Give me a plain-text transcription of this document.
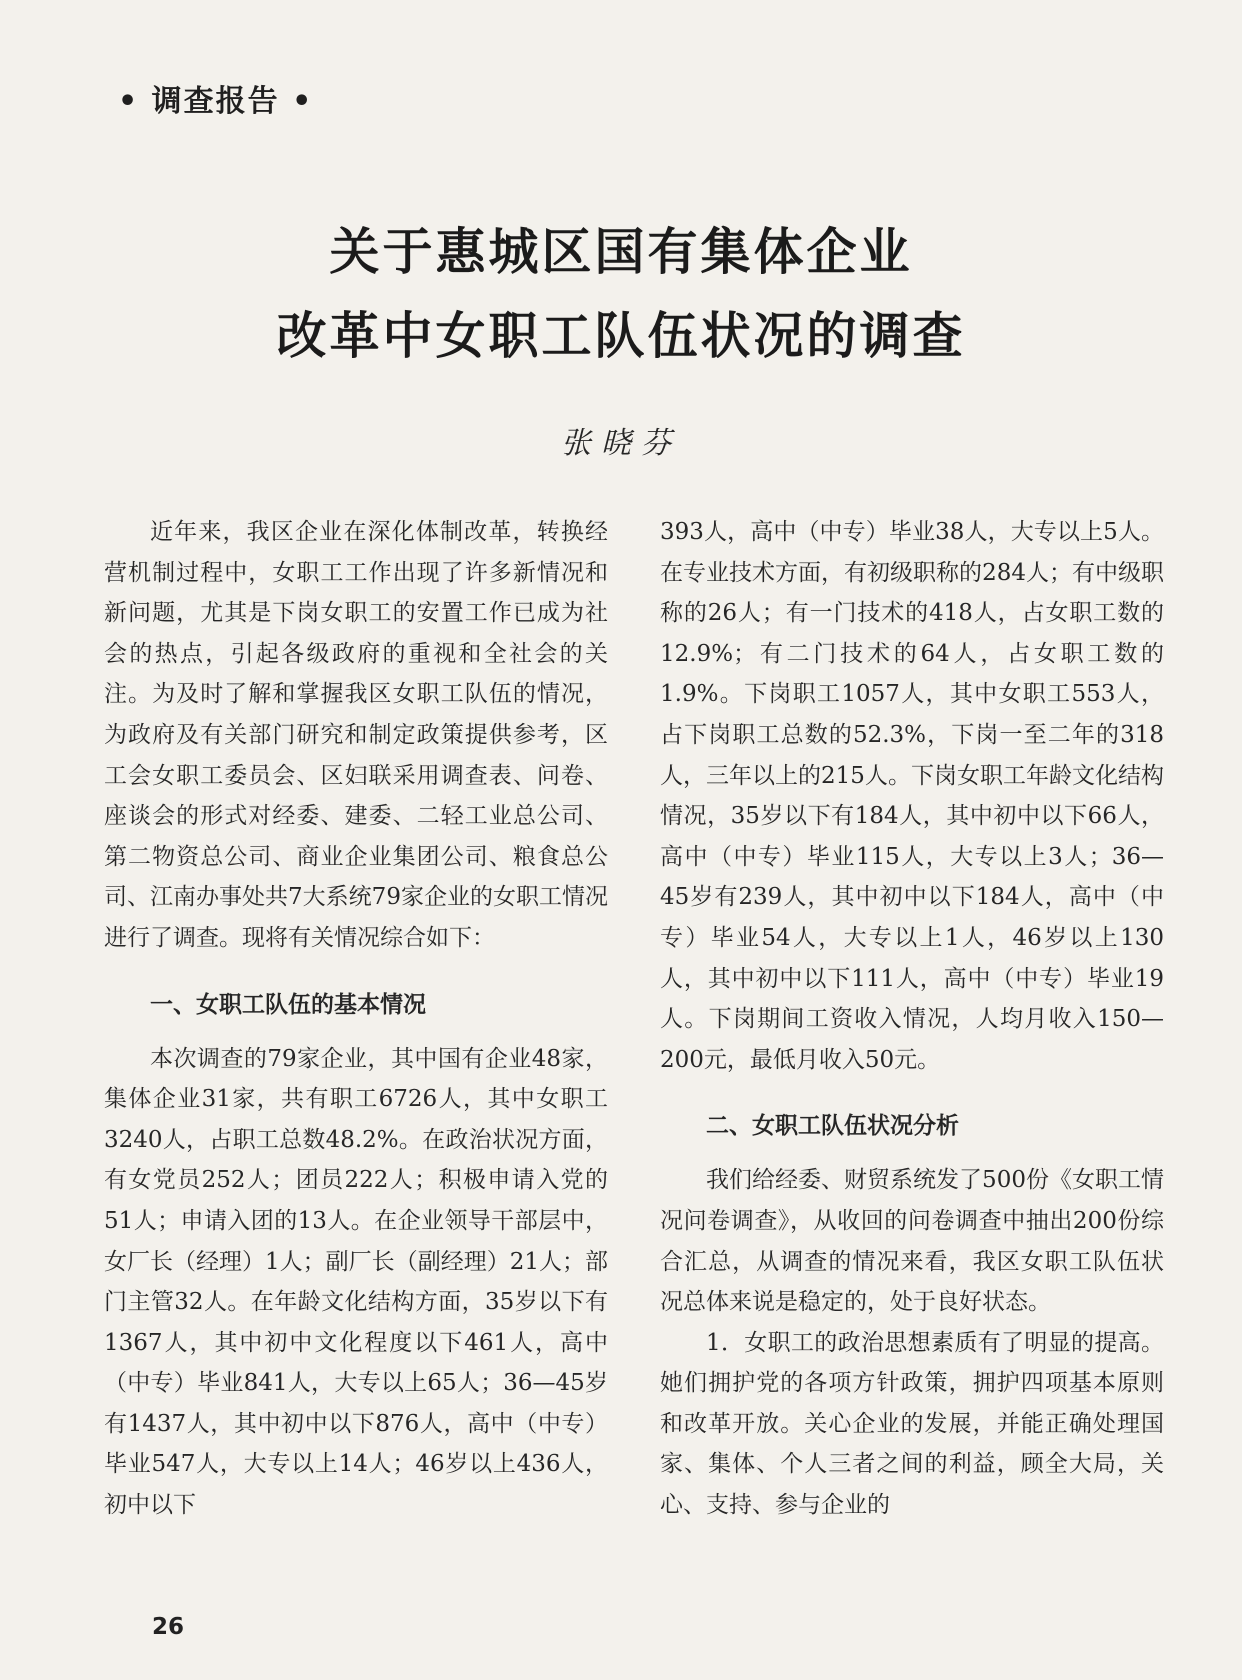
• 调查报告 •
关于惠城区国有集体企业
改革中女职工队伍状况的调查
张晓芬

近年来，我区企业在深化体制改革，转换经营机制过程中，女职工工作出现了许多新情况和新问题，尤其是下岗女职工的安置工作已成为社会的热点，引起各级政府的重视和全社会的关注。为及时了解和掌握我区女职工队伍的情况，为政府及有关部门研究和制定政策提供参考，区工会女职工委员会、区妇联采用调查表、问卷、座谈会的形式对经委、建委、二轻工业总公司、第二物资总公司、商业企业集团公司、粮食总公司、江南办事处共7大系统79家企业的女职工情况进行了调查。现将有关情况综合如下：

一、女职工队伍的基本情况

本次调查的79家企业，其中国有企业48家，集体企业31家，共有职工6726人，其中女职工3240人，占职工总数48.2%。在政治状况方面，有女党员252人；团员222人；积极申请入党的51人；申请入团的13人。在企业领导干部层中，女厂长（经理）1人；副厂长（副经理）21人；部门主管32人。在年龄文化结构方面，35岁以下有1367人，其中初中文化程度以下461人，高中（中专）毕业841人，大专以上65人；36—45岁有1437人，其中初中以下876人，高中（中专）毕业547人，大专以上14人；46岁以上436人，初中以下

393人，高中（中专）毕业38人，大专以上5人。在专业技术方面，有初级职称的284人；有中级职称的26人；有一门技术的418人，占女职工数的12.9%；有二门技术的64人，占女职工数的1.9%。下岗职工1057人，其中女职工553人，占下岗职工总数的52.3%，下岗一至二年的318人，三年以上的215人。下岗女职工年龄文化结构情况，35岁以下有184人，其中初中以下66人，高中（中专）毕业115人，大专以上3人；36—45岁有239人，其中初中以下184人，高中（中专）毕业54人，大专以上1人，46岁以上130人，其中初中以下111人，高中（中专）毕业19人。下岗期间工资收入情况，人均月收入150—200元，最低月收入50元。

二、女职工队伍状况分析

我们给经委、财贸系统发了500份《女职工情况问卷调查》，从收回的问卷调查中抽出200份综合汇总，从调查的情况来看，我区女职工队伍状况总体来说是稳定的，处于良好状态。

1．女职工的政治思想素质有了明显的提高。她们拥护党的各项方针政策，拥护四项基本原则和改革开放。关心企业的发展，并能正确处理国家、集体、个人三者之间的利益，顾全大局，关心、支持、参与企业的

26
